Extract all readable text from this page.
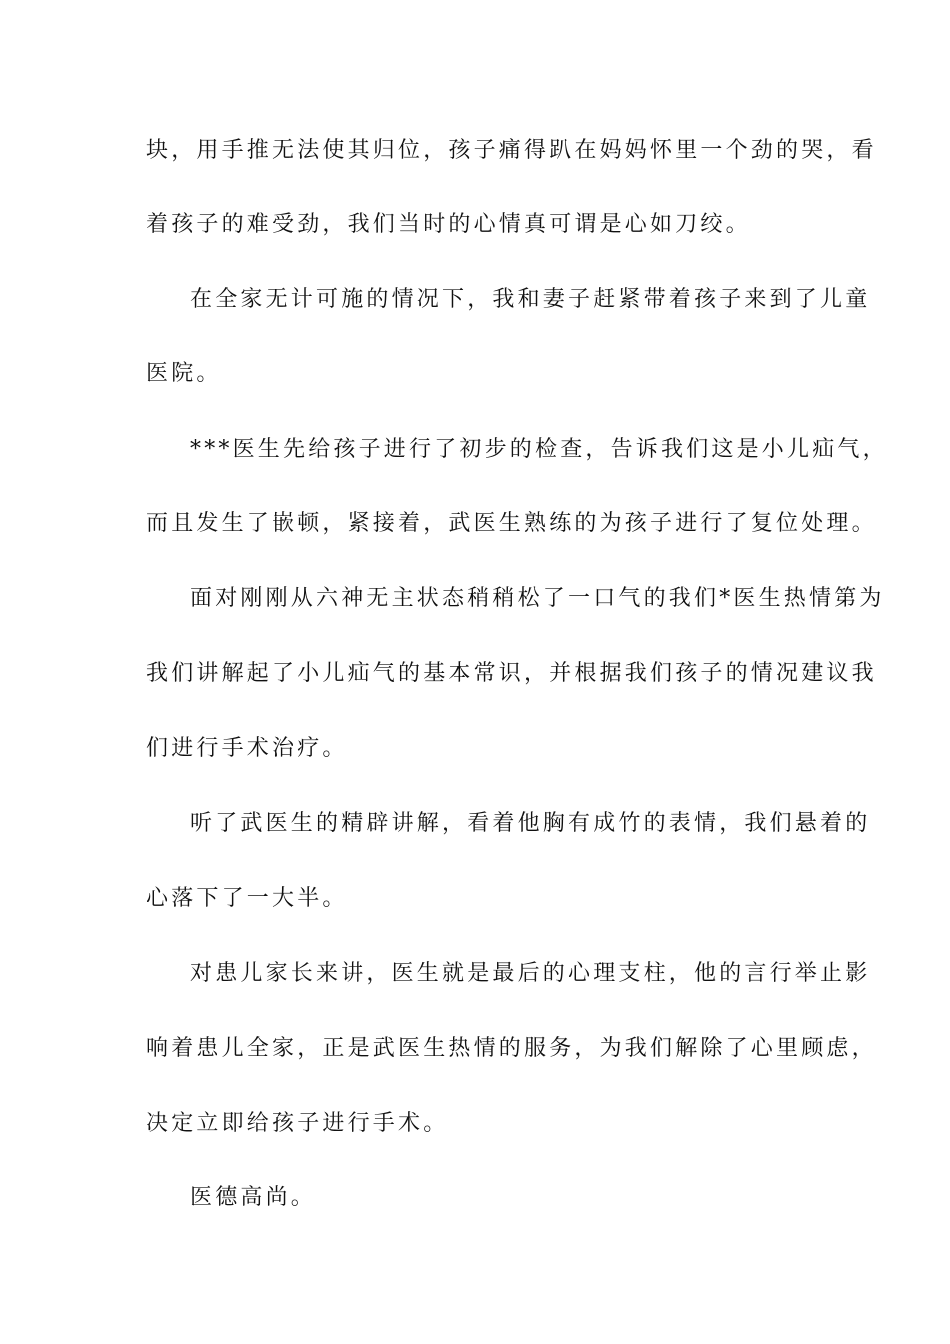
块，用手推无法使其归位，孩子痛得趴在妈妈怀里一个劲的哭，看
着孩子的难受劲，我们当时的心情真可谓是心如刀绞。
在全家无计可施的情况下，我和妻子赶紧带着孩子来到了儿童
医院。
***医生先给孩子进行了初步的检查，告诉我们这是小儿疝气，
而且发生了嵌顿，紧接着，武医生熟练的为孩子进行了复位处理。
面对刚刚从六神无主状态稍稍松了一口气的我们*医生热情第为
我们讲解起了小儿疝气的基本常识，并根据我们孩子的情况建议我
们进行手术治疗。
听了武医生的精辟讲解，看着他胸有成竹的表情，我们悬着的
心落下了一大半。
对患儿家长来讲，医生就是最后的心理支柱，他的言行举止影
响着患儿全家，正是武医生热情的服务，为我们解除了心里顾虑，
决定立即给孩子进行手术。
医德高尚。
